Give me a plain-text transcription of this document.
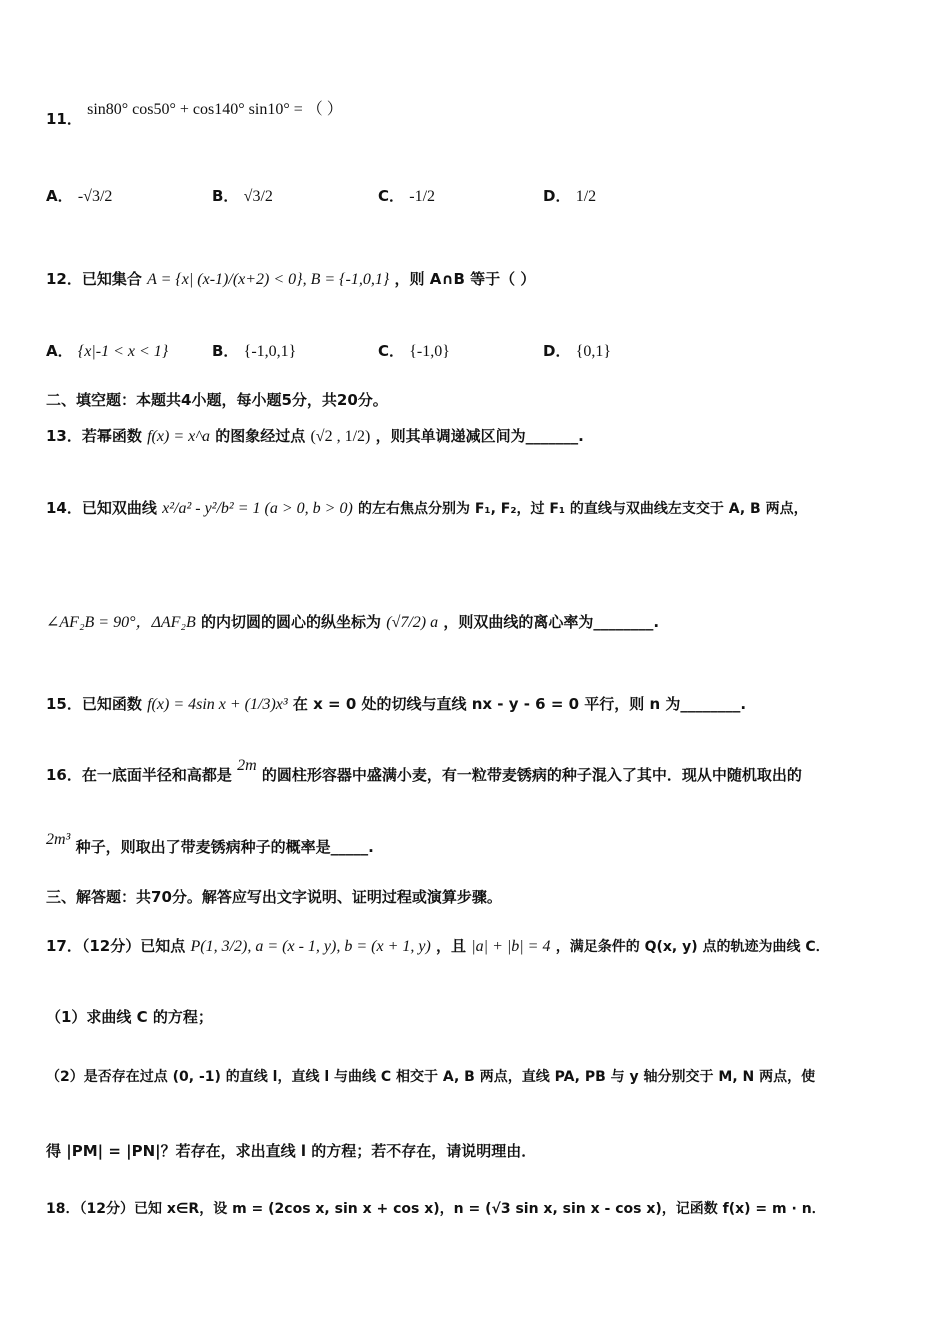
11． sin80° cos50° + cos140° sin10° = （ ）
A． -√3/2	B． √3/2	C． -1/2	D． 1/2
12．已知集合 A = {x| (x-1)/(x+2) < 0}, B = {-1,0,1} ，则 A∩B 等于（ ）
A． {x|-1 < x < 1}	B． {-1,0,1}	C． {-1,0}	D． {0,1}
二、填空题：本题共4小题，每小题5分，共20分。
13．若幂函数 f(x) = x^a 的图象经过点 (√2 , 1/2) ，则其单调递减区间为_______.
14．已知双曲线 x²/a² - y²/b² = 1 (a > 0, b > 0) 的左右焦点分别为 F₁, F₂，过 F₁ 的直线与双曲线左支交于 A, B 两点，
∠AF₂B = 90°，ΔAF₂B 的内切圆的圆心的纵坐标为 (√7/2) a ，则双曲线的离心率为________.
15．已知函数 f(x) = 4sin x + (1/3)x³ 在 x = 0 处的切线与直线 nx - y - 6 = 0 平行，则 n 为________.
16．在一底面半径和高都是 2m 的圆柱形容器中盛满小麦，有一粒带麦锈病的种子混入了其中．现从中随机取出的
2m³ 种子，则取出了带麦锈病种子的概率是_____.
三、解答题：共70分。解答应写出文字说明、证明过程或演算步骤。
17．（12分）已知点 P(1, 3/2), a = (x - 1, y), b = (x + 1, y) ，且 |a| + |b| = 4 ，满足条件的 Q(x, y) 点的轨迹为曲线 C．
（1）求曲线 C 的方程；
（2）是否存在过点 (0, -1) 的直线 l，直线 l 与曲线 C 相交于 A, B 两点，直线 PA, PB 与 y 轴分别交于 M, N 两点，使
得 |PM| = |PN|？若存在，求出直线 l 的方程；若不存在，请说明理由．
18．（12分）已知 x∈R，设 m = (2cos x, sin x + cos x)，n = (√3 sin x, sin x - cos x)，记函数 f(x) = m · n．
